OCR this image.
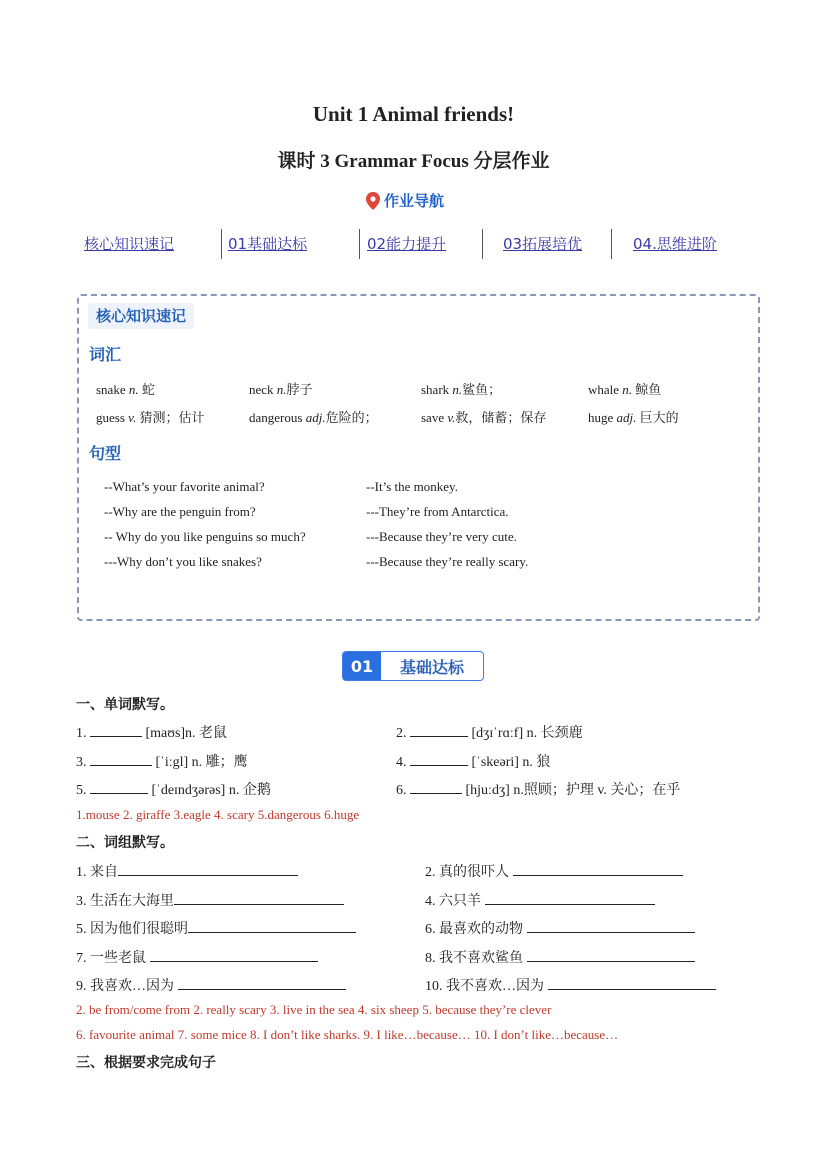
Unit 1 Animal friends!
课时 3 Grammar Focus 分层作业
作业导航
核心知识速记	01基础达标	02能力提升	03拓展培优	04.思维进阶
核心知识速记
词汇
snake n. 蛇	neck n.脖子	shark n.鲨鱼；	whale n. 鲸鱼
guess v. 猜测；估计	dangerous adj.危险的；	save v.救，储蓄；保存	huge adj. 巨大的
句型
--What’s your favorite animal?	--It’s the monkey.
--Why are the penguin from?	---They’re from Antarctica.
-- Why do you like penguins so much?	---Because they’re very cute.
---Why don’t you like snakes?	---Because they’re really scary.
01	基础达标
一、单词默写。
1.	[maʊs]n. 老鼠	2.	[dʒɪˈrɑːf] n. 长颈鹿
3.	[ˈiːgl] n. 雕；鹰	4.	[ˈskeəri] n. 狼
5.	[ˈdeɪndʒərəs] n. 企鹅	6.	[hjuːdʒ] n.照顾；护理 v. 关心；在乎
1.mouse 2. giraffe 3.eagle 4. scary 5.dangerous 6.huge
二、词组默写。
1. 来自	2. 真的很吓人
3. 生活在大海里	4. 六只羊
5. 因为他们很聪明	6. 最喜欢的动物
7. 一些老鼠	8. 我不喜欢鲨鱼
9. 我喜欢…因为	10. 我不喜欢…因为
2. be from/come from 2. really scary 3. live in the sea 4. six sheep 5. because they’re clever
6. favourite animal 7. some mice 8. I don’t like sharks. 9. I like…because… 10. I don’t like…because…
三、根据要求完成句子
